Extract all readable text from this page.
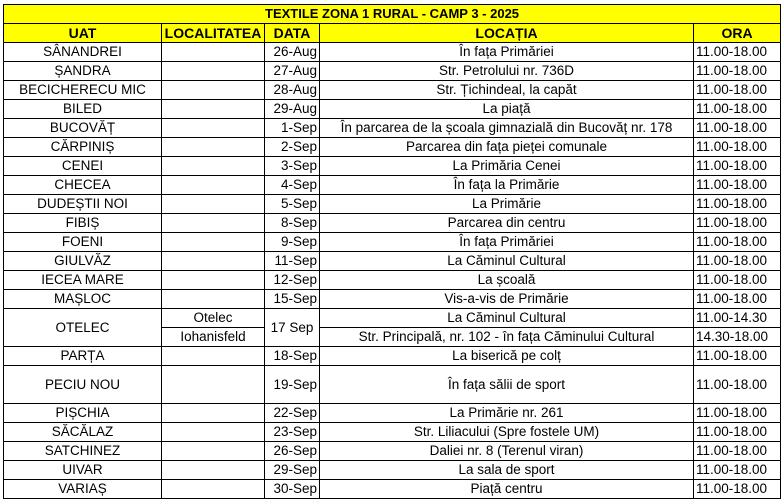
TEXTILE ZONA 1 RURAL - CAMP 3 - 2025				
UAT	LOCALITATEA	DATA	LOCAȚIA	ORA
SÂNANDREI		26-Aug	În fața Primăriei	11.00-18.00
ȘANDRA		27-Aug	Str. Petrolului nr. 736D	11.00-18.00
BECICHERECU MIC		28-Aug	Str. Țichindeal, la capăt	11.00-18.00
BILED		29-Aug	La piață	11.00-18.00
BUCOVĂȚ		1-Sep	În parcarea de la școala gimnazială din Bucovăț nr. 178	11.00-18.00
CĂRPINIȘ		2-Sep	Parcarea din fața pieței comunale	11.00-18.00
CENEI		3-Sep	La Primăria Cenei	11.00-18.00
CHECEA		4-Sep	În fața la Primărie	11.00-18.00
DUDEȘTII NOI		5-Sep	La Primărie	11.00-18.00
FIBIȘ		8-Sep	Parcarea din centru	11.00-18.00
FOENI		9-Sep	În fața Primăriei	11.00-18.00
GIULVĂZ		11-Sep	La Căminul Cultural	11.00-18.00
IECEA MARE		12-Sep	La școală	11.00-18.00
MAȘLOC		15-Sep	Vis-a-vis de Primărie	11.00-18.00
OTELEC	Otelec	17 Sep	La Căminul Cultural	11.00-14.30
	Iohanisfeld		Str. Principală, nr. 102 - în fața Căminului Cultural	14.30-18.00
PARȚA		18-Sep	La biserică pe colț	11.00-18.00
PECIU NOU		19-Sep	În fața sălii de sport	11.00-18.00
PIȘCHIA		22-Sep	La Primărie nr. 261	11.00-18.00
SĂCĂLAZ		23-Sep	Str. Liliacului (Spre fostele UM)	11.00-18.00
SATCHINEZ		26-Sep	Daliei nr. 8 (Terenul viran)	11.00-18.00
UIVAR		29-Sep	La sala de sport	11.00-18.00
VARIAȘ		30-Sep	Piață centru	11.00-18.00
